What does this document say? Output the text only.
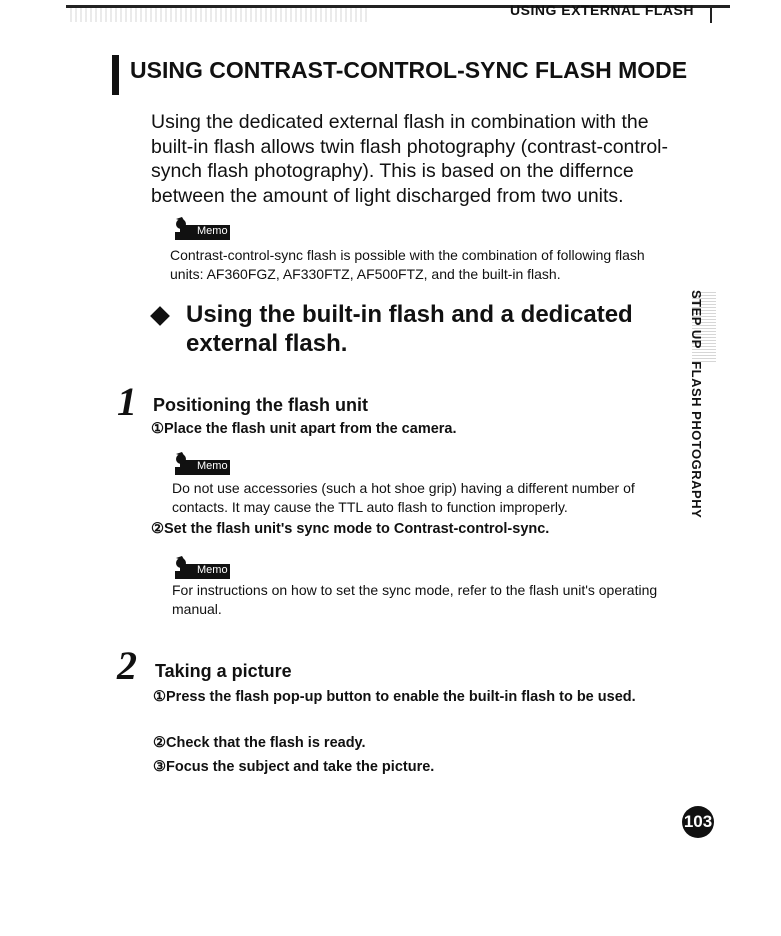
USING EXTERNAL FLASH
USING CONTRAST-CONTROL-SYNC FLASH MODE
Using the dedicated external flash in combination with the built-in flash allows twin flash photography (contrast-control-synch flash photography). This is based on the differnce between the amount of light discharged from two units.
Memo
Contrast-control-sync flash is possible with the combination of following flash units: AF360FGZ, AF330FTZ, AF500FTZ, and the built-in flash.
Using the built-in flash and a dedicated
external flash.
1 Positioning the flash unit
①Place the flash unit apart from the camera.
Memo
Do not use accessories (such a hot shoe grip) having a different number of contacts. It may cause the TTL auto flash to function improperly.
②Set the flash unit's sync mode to Contrast-control-sync.
Memo
For instructions on how to set the sync mode, refer to the flash unit's operating manual.
2 Taking a picture
①Press the flash pop-up button to enable the built-in flash to be used.
②Check that the flash is ready.
③Focus the subject and take the picture.
STEP UP   FLASH PHOTOGRAPHY
103
